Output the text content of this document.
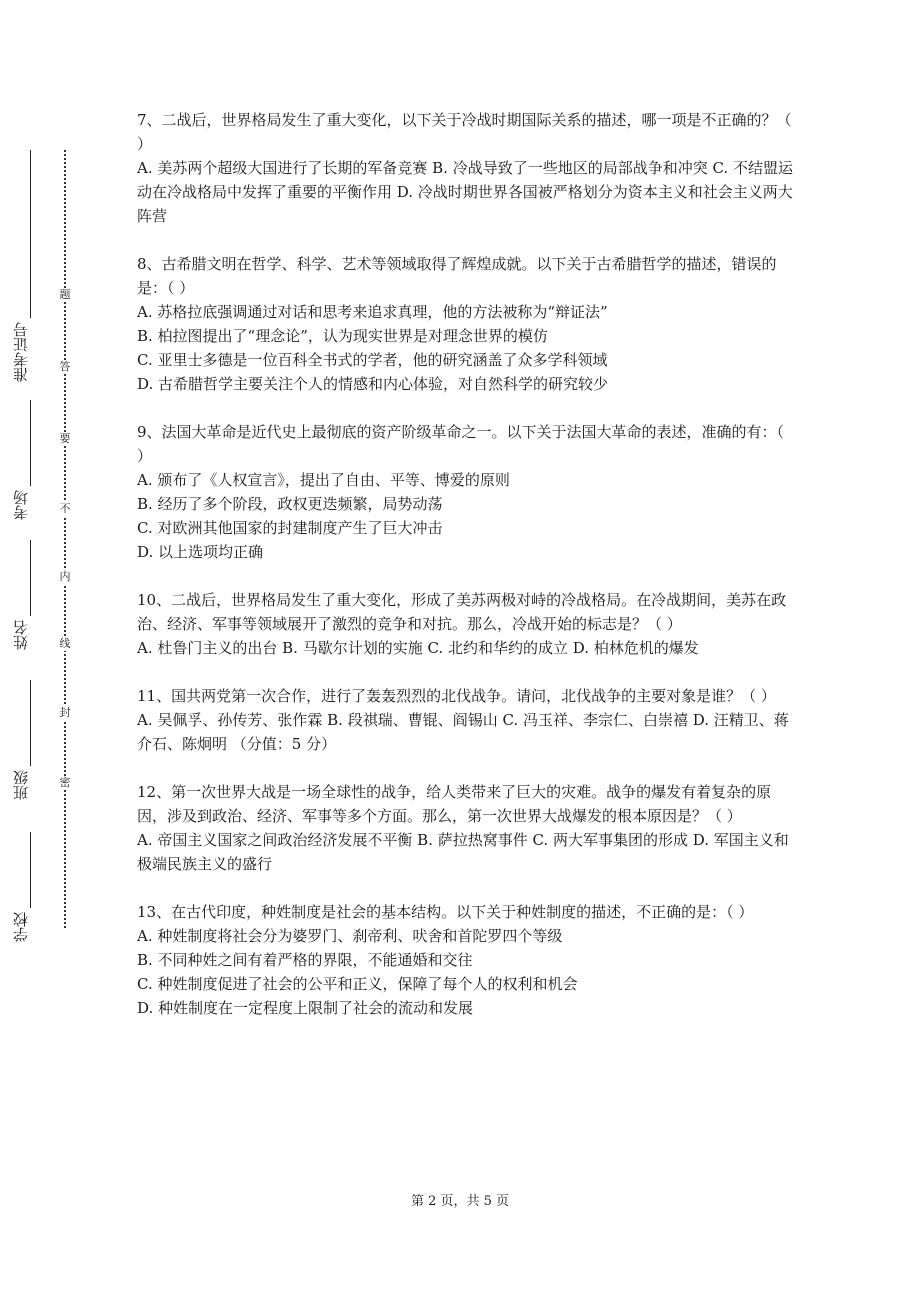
准考证号
考场
姓名
班级
学校
题
答
要
不
内
线
封
密

7、二战后，世界格局发生了重大变化，以下关于冷战时期国际关系的描述，哪一项是不正确的？（ ）

A. 美苏两个超级大国进行了长期的军备竞赛 B. 冷战导致了一些地区的局部战争和冲突 C. 不结盟运动在冷战格局中发挥了重要的平衡作用 D. 冷战时期世界各国被严格划分为资本主义和社会主义两大阵营

8、古希腊文明在哲学、科学、艺术等领域取得了辉煌成就。以下关于古希腊哲学的描述，错误的是：（ ）

A. 苏格拉底强调通过对话和思考来追求真理，他的方法被称为“辩证法”

B. 柏拉图提出了“理念论”，认为现实世界是对理念世界的模仿

C. 亚里士多德是一位百科全书式的学者，他的研究涵盖了众多学科领域

D. 古希腊哲学主要关注个人的情感和内心体验，对自然科学的研究较少

9、法国大革命是近代史上最彻底的资产阶级革命之一。以下关于法国大革命的表述，准确的有：（ ）

A. 颁布了《人权宣言》，提出了自由、平等、博爱的原则

B. 经历了多个阶段，政权更迭频繁，局势动荡

C. 对欧洲其他国家的封建制度产生了巨大冲击

D. 以上选项均正确

10、二战后，世界格局发生了重大变化，形成了美苏两极对峙的冷战格局。在冷战期间，美苏在政治、经济、军事等领域展开了激烈的竞争和对抗。那么，冷战开始的标志是？（ ）

A. 杜鲁门主义的出台 B. 马歇尔计划的实施 C. 北约和华约的成立 D. 柏林危机的爆发

11、国共两党第一次合作，进行了轰轰烈烈的北伐战争。请问，北伐战争的主要对象是谁？（ ）

A. 吴佩孚、孙传芳、张作霖 B. 段祺瑞、曹锟、阎锡山 C. 冯玉祥、李宗仁、白崇禧 D. 汪精卫、蒋介石、陈炯明 （分值：5 分）

12、第一次世界大战是一场全球性的战争，给人类带来了巨大的灾难。战争的爆发有着复杂的原因，涉及到政治、经济、军事等多个方面。那么，第一次世界大战爆发的根本原因是？（ ）

A. 帝国主义国家之间政治经济发展不平衡 B. 萨拉热窝事件 C. 两大军事集团的形成 D. 军国主义和极端民族主义的盛行

13、在古代印度，种姓制度是社会的基本结构。以下关于种姓制度的描述，不正确的是：（ ）

A. 种姓制度将社会分为婆罗门、刹帝利、吠舍和首陀罗四个等级

B. 不同种姓之间有着严格的界限，不能通婚和交往

C. 种姓制度促进了社会的公平和正义，保障了每个人的权利和机会

D. 种姓制度在一定程度上限制了社会的流动和发展

第 2 页，共 5 页
